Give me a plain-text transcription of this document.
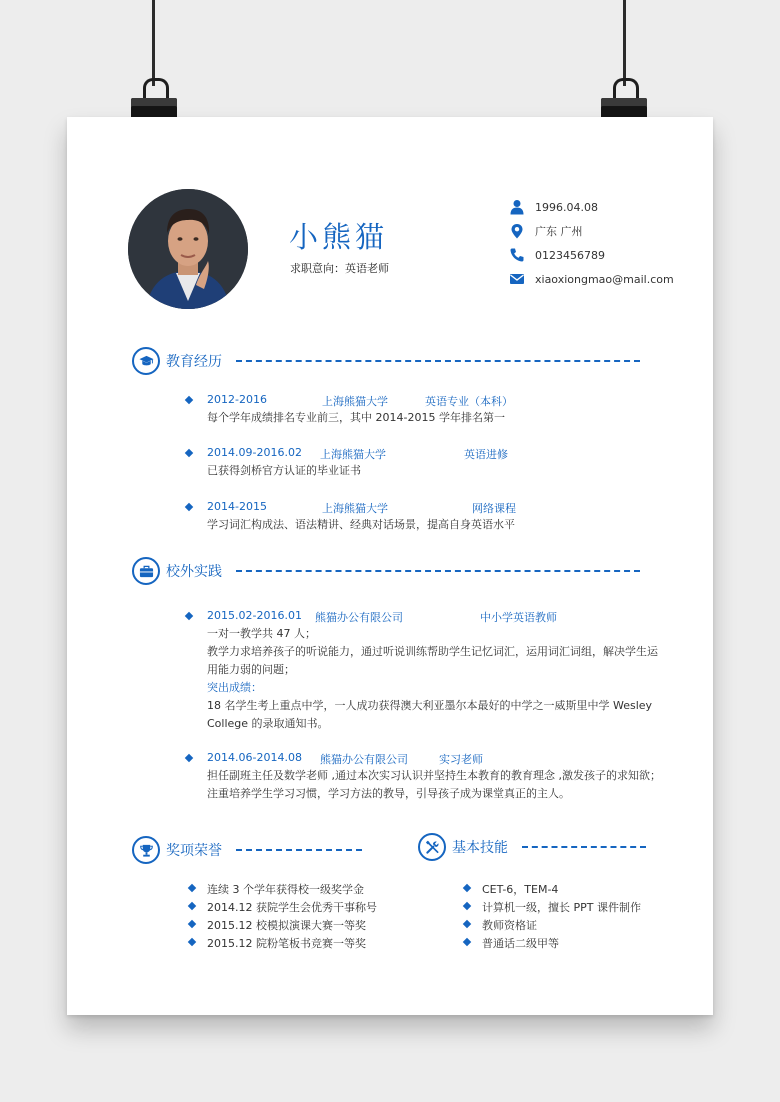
小熊猫
求职意向：英语老师
1996.04.08
广东 广州
0123456789
xiaoxiongmao@mail.com
教育经历
2012-2016	上海熊猫大学	英语专业（本科）
每个学年成绩排名专业前三，其中 2014-2015 学年排名第一
2014.09-2016.02 上海熊猫大学	英语进修
已获得剑桥官方认证的毕业证书
2014-2015	上海熊猫大学	网络课程
学习词汇构成法、语法精讲、经典对话场景，提高自身英语水平
校外实践
2015.02-2016.01 熊猫办公有限公司	中小学英语教师
一对一教学共 47 人；
教学力求培养孩子的听说能力，通过听说训练帮助学生记忆词汇，运用词汇词组，解决学生运
用能力弱的问题；
突出成绩：
18 名学生考上重点中学，一人成功获得澳大利亚墨尔本最好的中学之一威斯里中学 Wesley
College 的录取通知书。
2014.06-2014.08 熊猫办公有限公司	实习老师
担任副班主任及数学老师 ,通过本次实习认识并坚持生本教育的教育理念 ,激发孩子的求知欲；
注重培养学生学习习惯，学习方法的教导，引导孩子成为课堂真正的主人。
奖项荣誉
连续 3 个学年获得校一级奖学金
2014.12 获院学生会优秀干事称号
2015.12 校模拟演课大赛一等奖
2015.12 院粉笔板书竞赛一等奖
基本技能
CET-6，TEM-4
计算机一级，擅长 PPT 课件制作
教师资格证
普通话二级甲等
